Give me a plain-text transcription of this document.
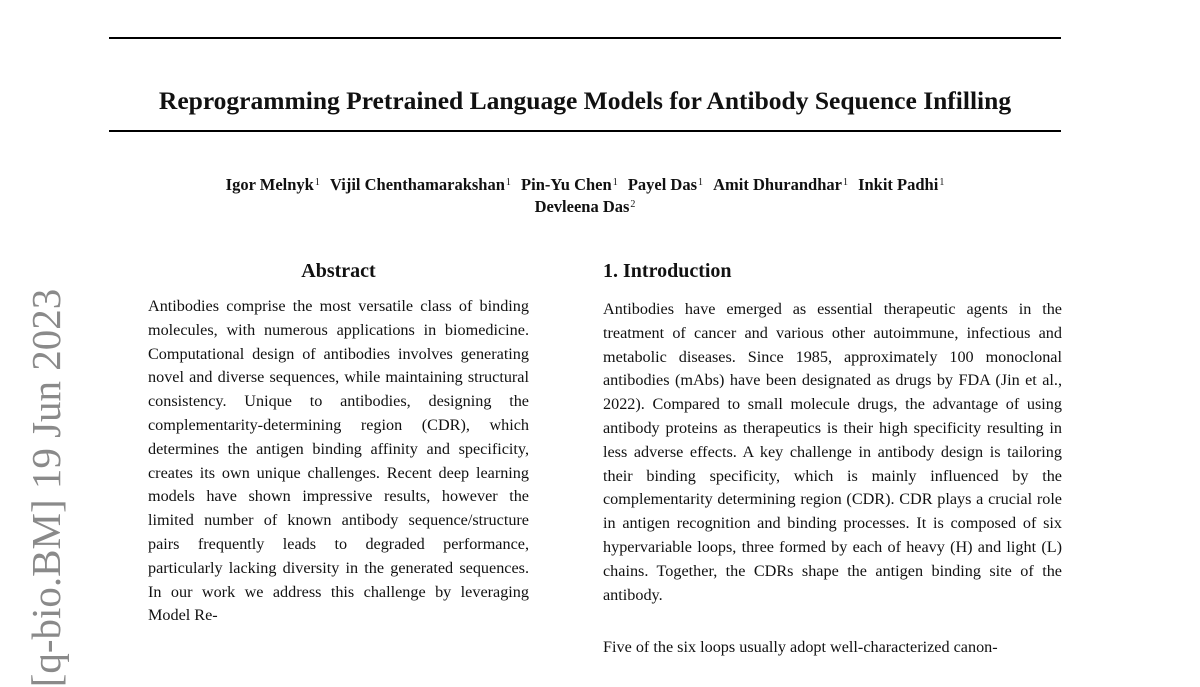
Reprogramming Pretrained Language Models for Antibody Sequence Infilling
Igor Melnyk$^1$ Vijil Chenthamarakshan$^1$ Pin-Yu Chen$^1$ Payel Das$^1$ Amit Dhurandhar$^1$ Inkit Padhi$^1$
Devleena Das$^2$
[q-bio.BM] 19 Jun 2023
Abstract

Antibodies comprise the most versatile class of binding molecules, with numerous applications in biomedicine. Computational design of antibodies involves generating novel and diverse sequences, while maintaining structural consistency. Unique to antibodies, designing the complementarity-determining region (CDR), which determines the antigen binding affinity and specificity, creates its own unique challenges. Recent deep learning models have shown impressive results, however the limited number of known antibody sequence/structure pairs frequently leads to degraded performance, particularly lacking diversity in the generated sequences. In our work we address this challenge by leveraging Model Re-

1. Introduction

Antibodies have emerged as essential therapeutic agents in the treatment of cancer and various other autoimmune, infectious and metabolic diseases. Since 1985, approximately 100 monoclonal antibodies (mAbs) have been designated as drugs by FDA (Jin et al., 2022). Compared to small molecule drugs, the advantage of using antibody proteins as therapeutics is their high specificity resulting in less adverse effects. A key challenge in antibody design is tailoring their binding specificity, which is mainly influenced by the complementarity determining region (CDR). CDR plays a crucial role in antigen recognition and binding processes. It is composed of six hypervariable loops, three formed by each of heavy (H) and light (L) chains. Together, the CDRs shape the antigen binding site of the antibody.

Five of the six loops usually adopt well-characterized canon-
